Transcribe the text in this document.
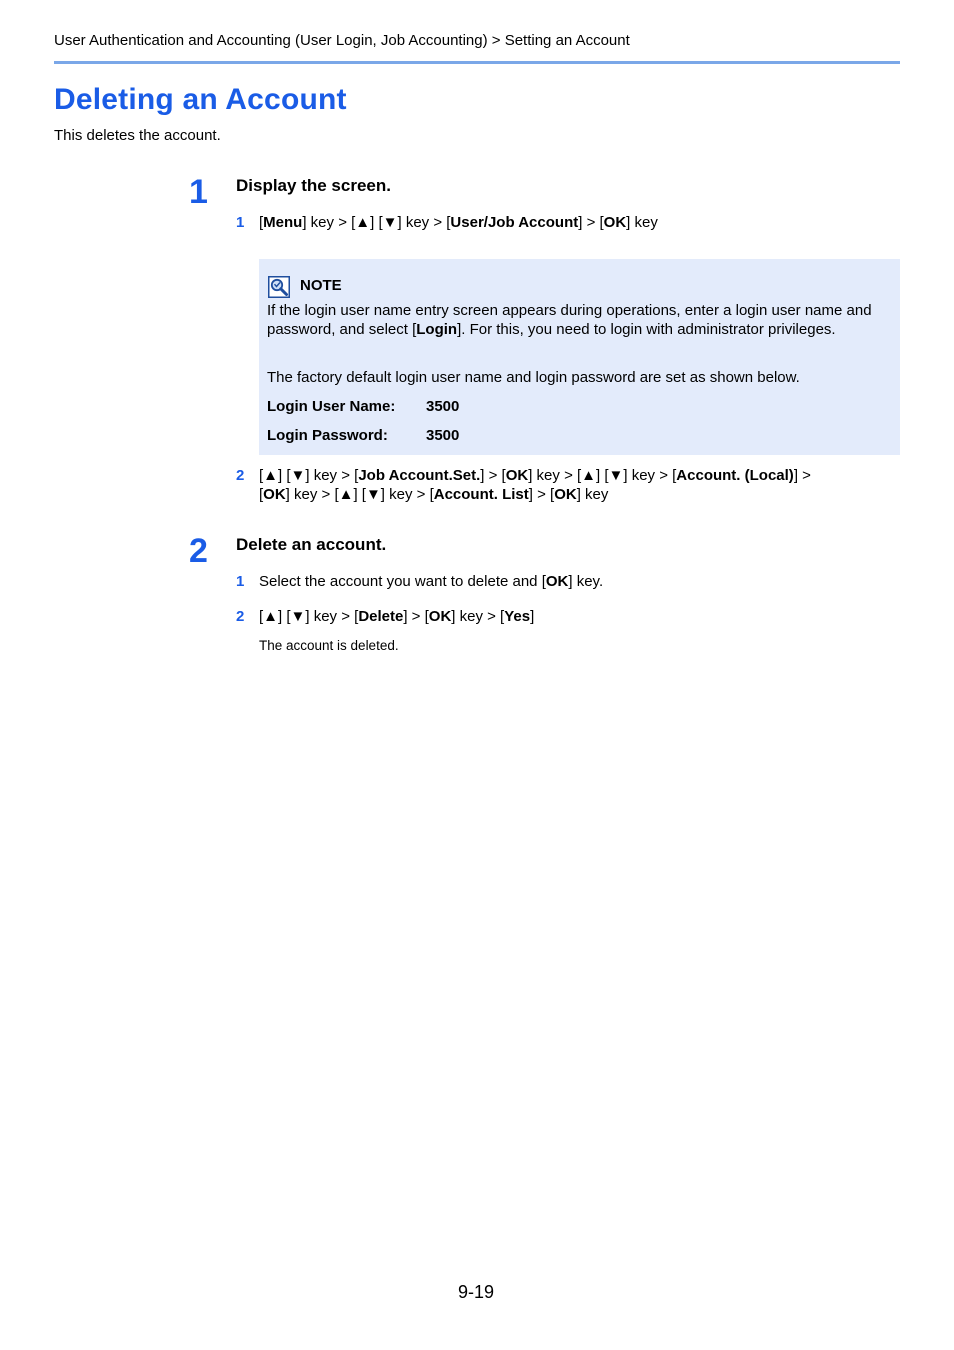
User Authentication and Accounting (User Login, Job Accounting) > Setting an Account
Deleting an Account
This deletes the account.
1 Display the screen.
1 [Menu] key > [▲] [▼] key > [User/Job Account] > [OK] key
NOTE

If the login user name entry screen appears during operations, enter a login user name and password, and select [Login]. For this, you need to login with administrator privileges.

The factory default login user name and login password are set as shown below.

Login User Name: 3500
Login Password:	3500
2 [▲] [▼] key > [Job Account.Set.] > [OK] key > [▲] [▼] key > [Account. (Local)] >
[OK] key > [▲] [▼] key > [Account. List] > [OK] key
2 Delete an account.
1 Select the account you want to delete and [OK] key.
2 [▲] [▼] key > [Delete] > [OK] key > [Yes]
The account is deleted.
9-19
